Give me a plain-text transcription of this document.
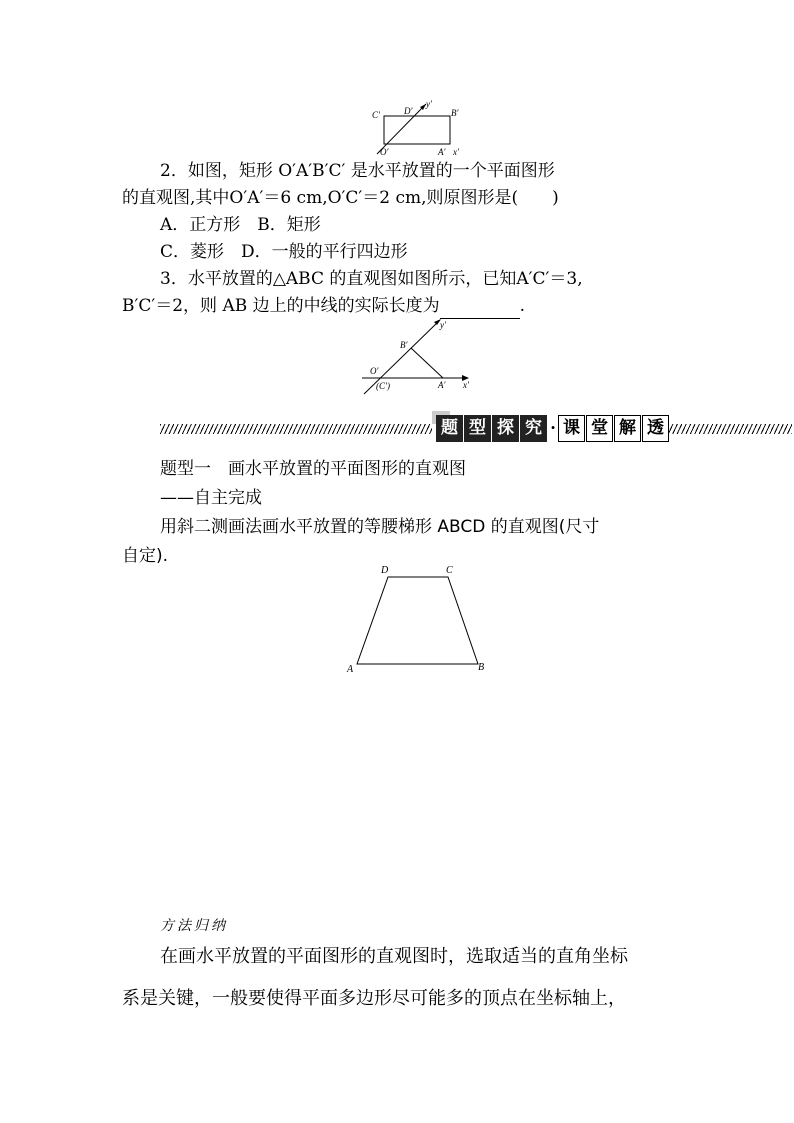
C′	D′
y′
B′
O′	A′ x′
2．如图，矩形 O′A′B′C′ 是水平放置的一个平面图形
的直观图,其中O′A′＝6 cm,O′C′＝2 cm,则原图形是(　　)
A．正方形　 B．矩形
C．菱形　 D．一般的平行四边形
3．水平放置的△ABC 的直观图如图所示，已知A′C′＝3,
B′C′＝2，则 AB 边上的中线的实际长度为	.
y′
B′
O′
(C′)	A′ x′
题 型 探 究 · 课 堂 解 透
题型一　画水平放置的平面图形的直观图
——自主完成
用斜二测画法画水平放置的等腰梯形 ABCD 的直观图(尺寸
自定).
D	C
A	B
方法归纳
在画水平放置的平面图形的直观图时，选取适当的直角坐标
系是关键，一般要使得平面多边形尽可能多的顶点在坐标轴上，
